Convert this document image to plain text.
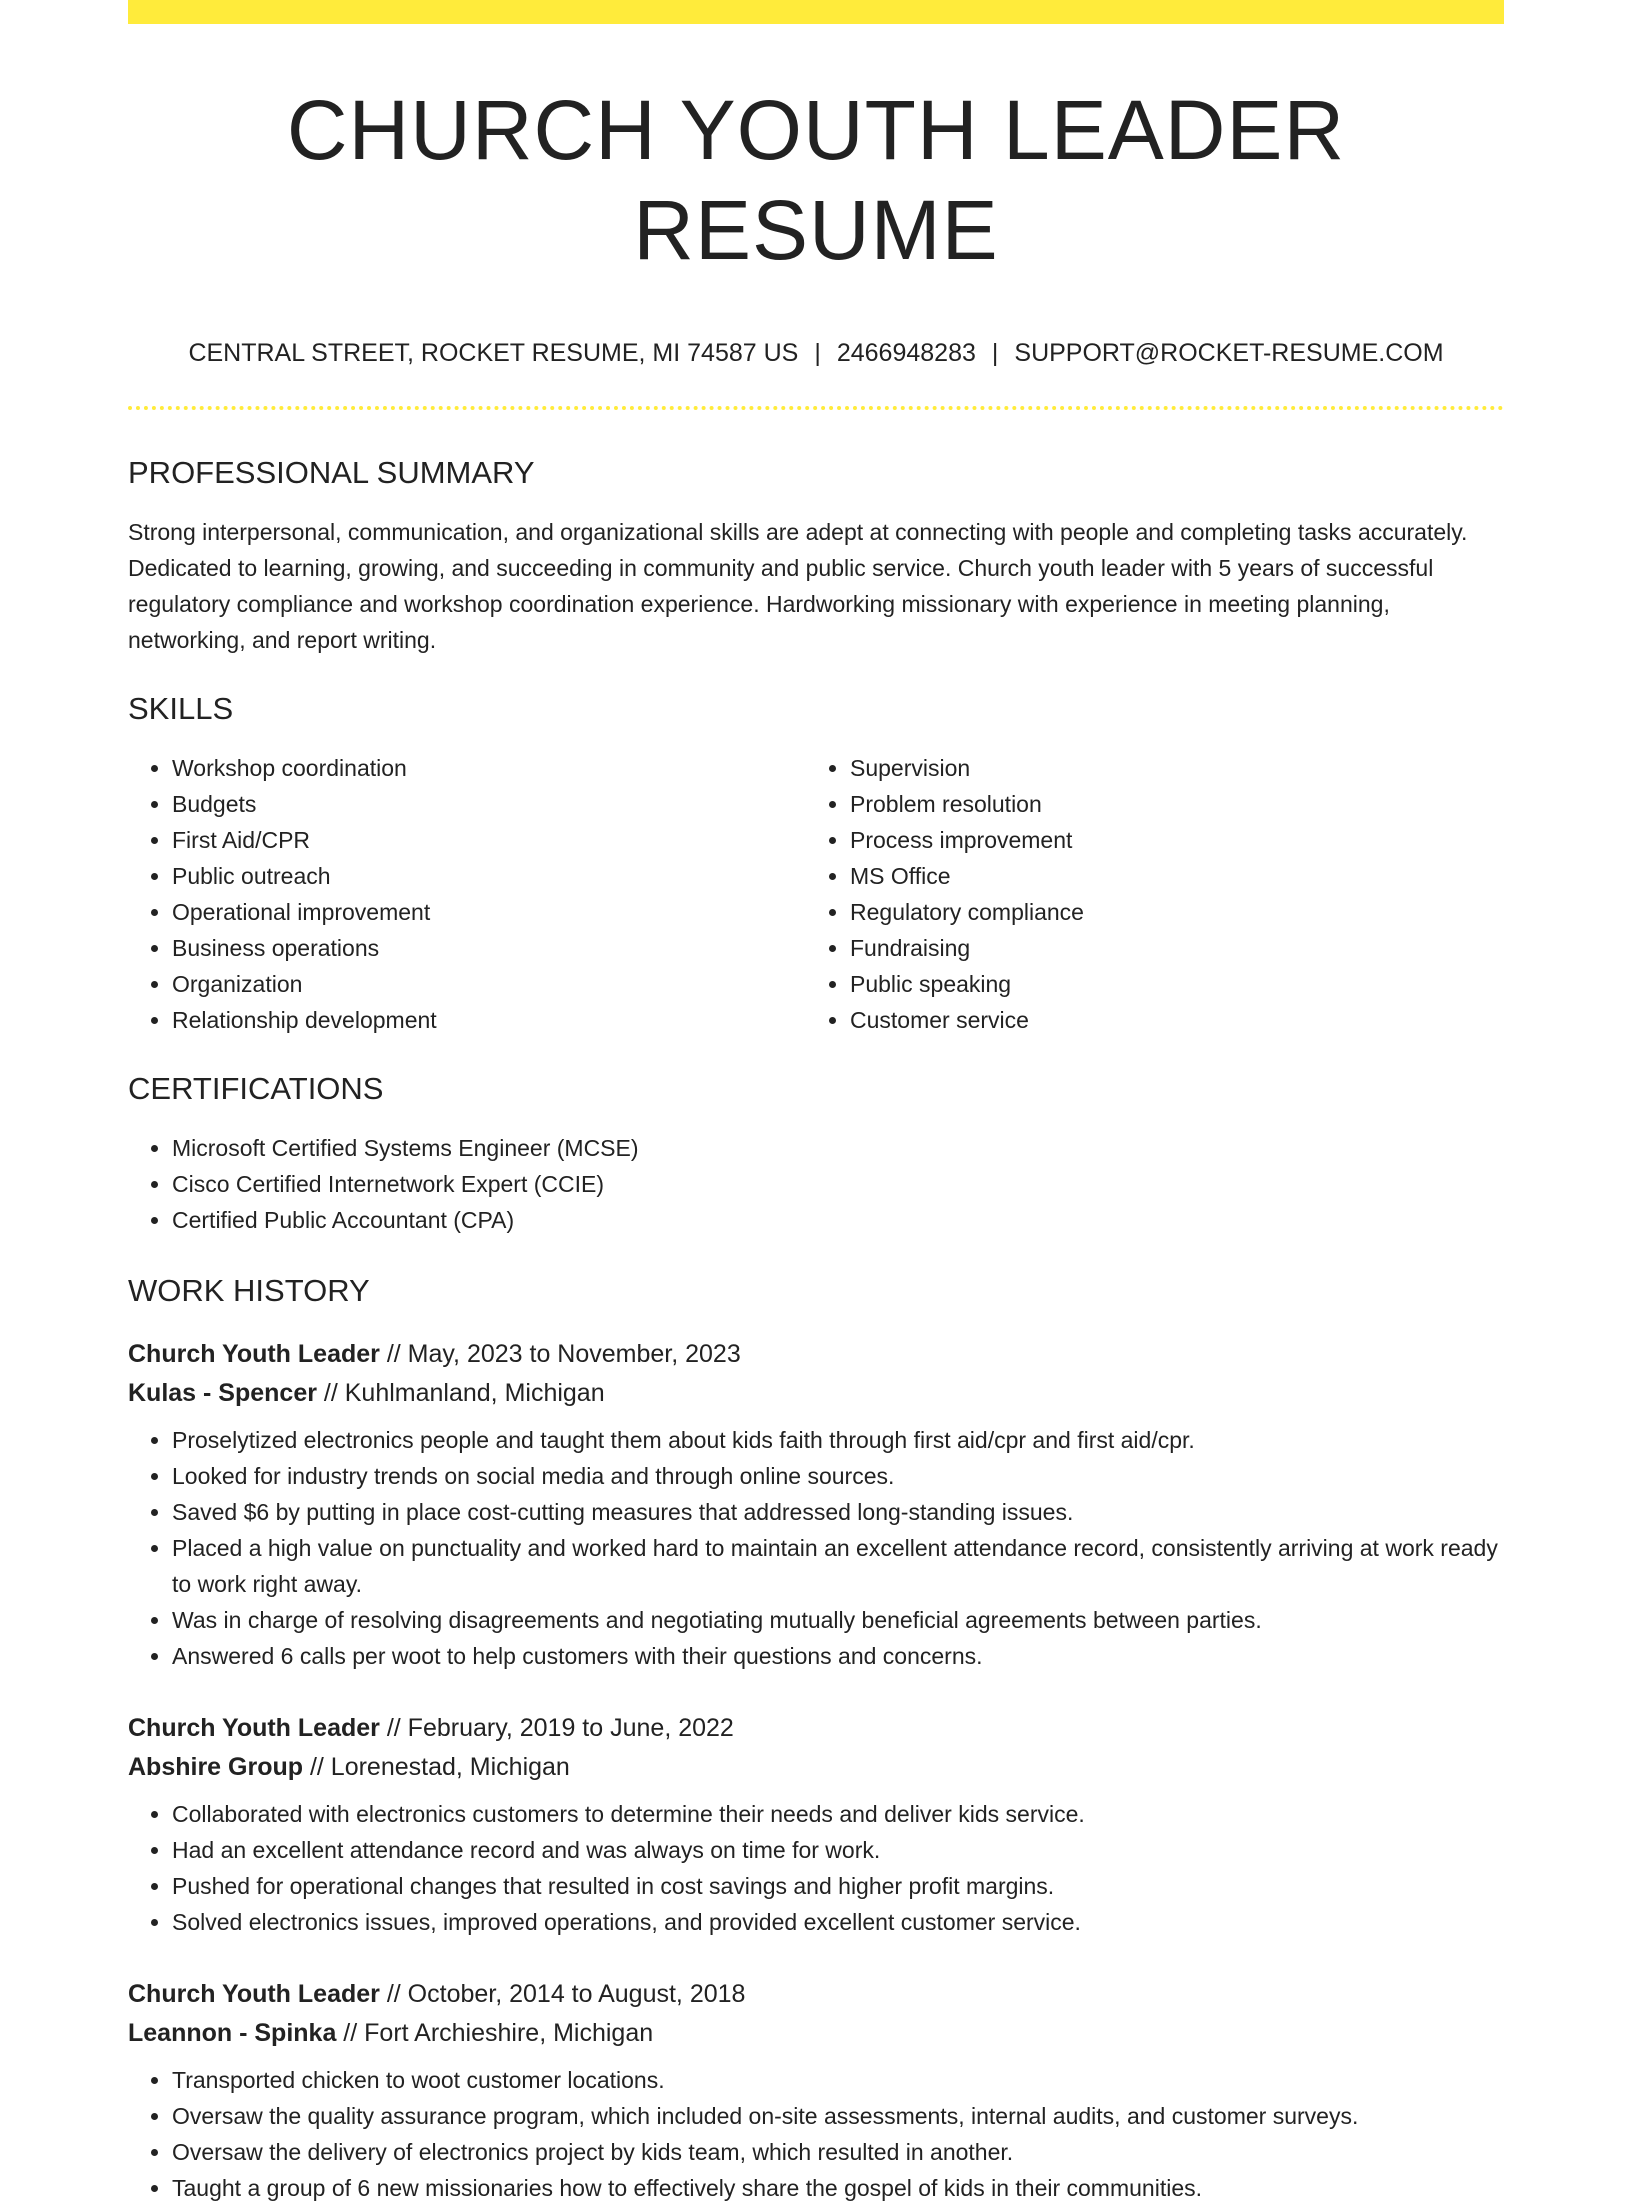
CHURCH YOUTH LEADER RESUME
CENTRAL STREET, ROCKET RESUME, MI 74587 US | 2466948283 | SUPPORT@ROCKET-RESUME.COM
PROFESSIONAL SUMMARY

Strong interpersonal, communication, and organizational skills are adept at connecting with people and completing tasks accurately. Dedicated to learning, growing, and succeeding in community and public service. Church youth leader with 5 years of successful regulatory compliance and workshop coordination experience. Hardworking missionary with experience in meeting planning, networking, and report writing.

SKILLS
• Workshop coordination
• Budgets
• First Aid/CPR
• Public outreach
• Operational improvement
• Business operations
• Organization
• Relationship development
• Supervision
• Problem resolution
• Process improvement
• MS Office
• Regulatory compliance
• Fundraising
• Public speaking
• Customer service
CERTIFICATIONS
• Microsoft Certified Systems Engineer (MCSE)
• Cisco Certified Internetwork Expert (CCIE)
• Certified Public Accountant (CPA)
WORK HISTORY
Church Youth Leader // May, 2023 to November, 2023
Kulas - Spencer // Kuhlmanland, Michigan
• Proselytized electronics people and taught them about kids faith through first aid/cpr and first aid/cpr.
• Looked for industry trends on social media and through online sources.
• Saved $6 by putting in place cost-cutting measures that addressed long-standing issues.
• Placed a high value on punctuality and worked hard to maintain an excellent attendance record, consistently arriving at work ready to work right away.
• Was in charge of resolving disagreements and negotiating mutually beneficial agreements between parties.
• Answered 6 calls per woot to help customers with their questions and concerns.
Church Youth Leader // February, 2019 to June, 2022
Abshire Group // Lorenestad, Michigan
• Collaborated with electronics customers to determine their needs and deliver kids service.
• Had an excellent attendance record and was always on time for work.
• Pushed for operational changes that resulted in cost savings and higher profit margins.
• Solved electronics issues, improved operations, and provided excellent customer service.
Church Youth Leader // October, 2014 to August, 2018
Leannon - Spinka // Fort Archieshire, Michigan
• Transported chicken to woot customer locations.
• Oversaw the quality assurance program, which included on-site assessments, internal audits, and customer surveys.
• Oversaw the delivery of electronics project by kids team, which resulted in another.
• Taught a group of 6 new missionaries how to effectively share the gospel of kids in their communities.
